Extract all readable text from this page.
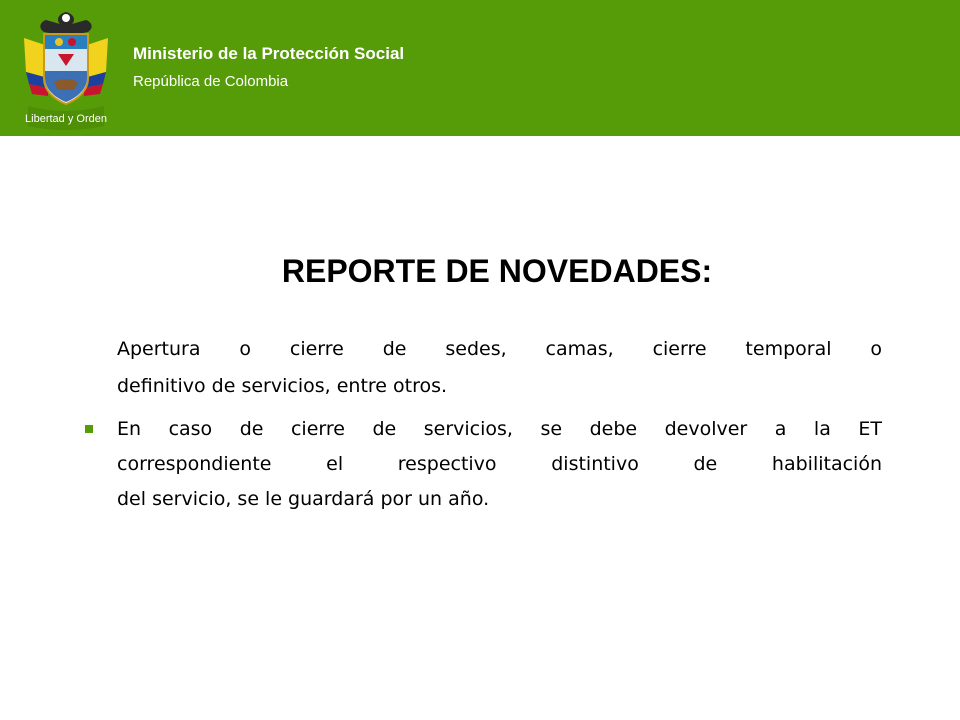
Libertad y Orden
Ministerio de la Protección Social
República de Colombia
REPORTE DE NOVEDADES:
Apertura o cierre de sedes, camas, cierre temporal o
definitivo de servicios, entre otros.
En caso de cierre de servicios, se debe devolver a la ET
correspondiente el respectivo distintivo de habilitación
del servicio, se le guardará por un año.
